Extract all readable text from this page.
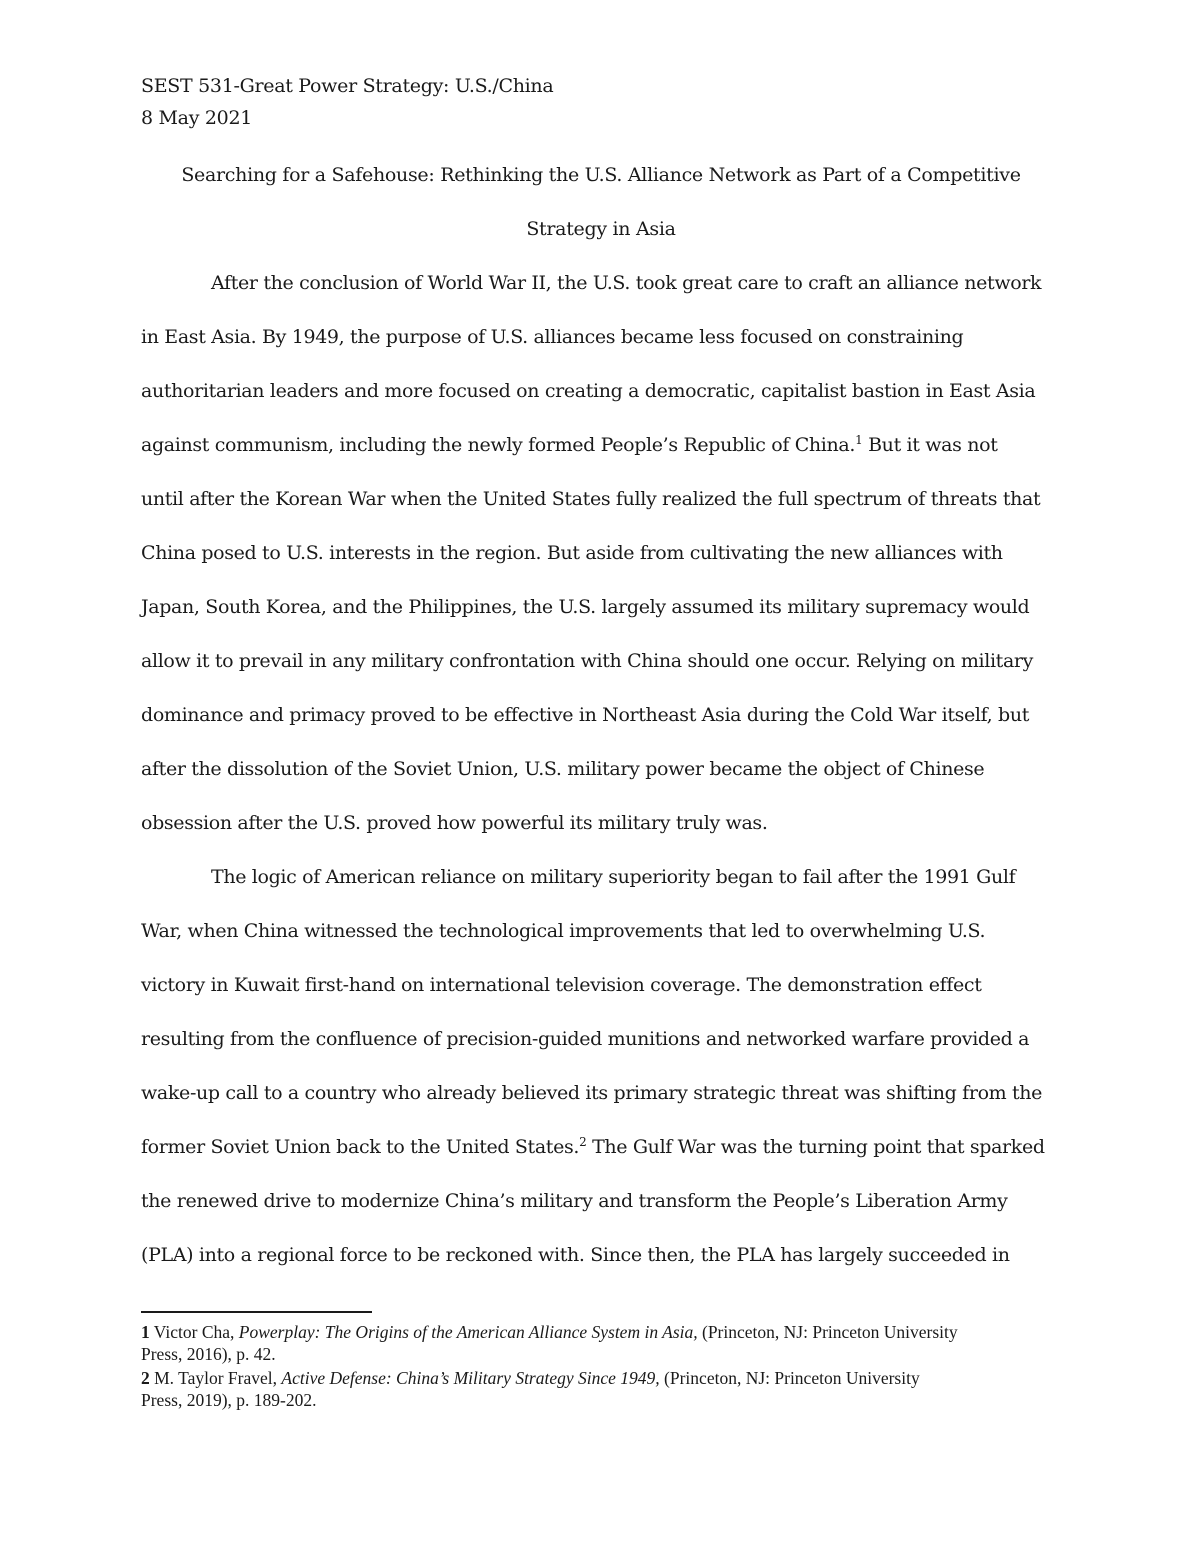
SEST 531-Great Power Strategy: U.S./China
8 May 2021
Searching for a Safehouse: Rethinking the U.S. Alliance Network as Part of a Competitive
Strategy in Asia
After the conclusion of World War II, the U.S. took great care to craft an alliance network
in East Asia. By 1949, the purpose of U.S. alliances became less focused on constraining
authoritarian leaders and more focused on creating a democratic, capitalist bastion in East Asia
against communism, including the newly formed People’s Republic of China.$^1$ But it was not
until after the Korean War when the United States fully realized the full spectrum of threats that
China posed to U.S. interests in the region. But aside from cultivating the new alliances with
Japan, South Korea, and the Philippines, the U.S. largely assumed its military supremacy would
allow it to prevail in any military confrontation with China should one occur. Relying on military
dominance and primacy proved to be effective in Northeast Asia during the Cold War itself, but
after the dissolution of the Soviet Union, U.S. military power became the object of Chinese
obsession after the U.S. proved how powerful its military truly was.
The logic of American reliance on military superiority began to fail after the 1991 Gulf
War, when China witnessed the technological improvements that led to overwhelming U.S.
victory in Kuwait first-hand on international television coverage. The demonstration effect
resulting from the confluence of precision-guided munitions and networked warfare provided a
wake-up call to a country who already believed its primary strategic threat was shifting from the
former Soviet Union back to the United States.$^2$ The Gulf War was the turning point that sparked
the renewed drive to modernize China’s military and transform the People’s Liberation Army
(PLA) into a regional force to be reckoned with. Since then, the PLA has largely succeeded in
1 Victor Cha, Powerplay: The Origins of the American Alliance System in Asia, (Princeton, NJ: Princeton University
Press, 2016), p. 42.
2 M. Taylor Fravel, Active Defense: China’s Military Strategy Since 1949, (Princeton, NJ: Princeton University
Press, 2019), p. 189-202.
